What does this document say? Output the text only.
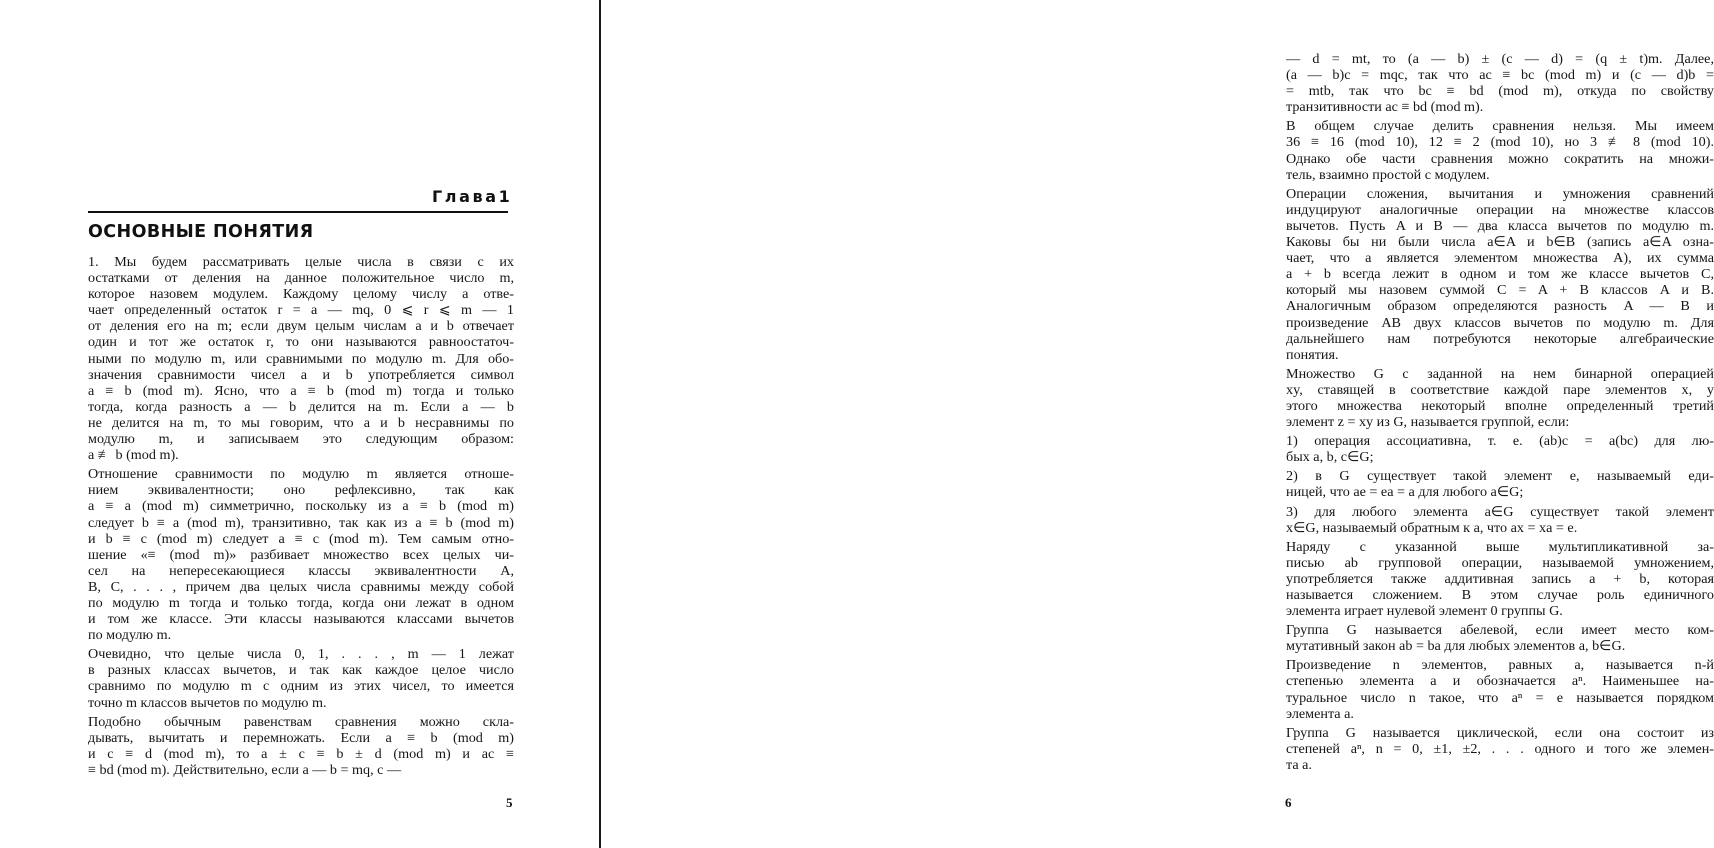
Глава1
ОСНОВНЫЕ ПОНЯТИЯ
1. Мы будем рассматривать целые числа в связи с их
остатками от деления на данное положительное число m,
которое назовем модулем. Каждому целому числу a отве-
чает определенный остаток r = a — mq, 0 ⩽ r ⩽ m — 1
от деления его на m; если двум целым числам a и b отвечает
один и тот же остаток r, то они называются равноостаточ-
ными по модулю m, или сравнимыми по модулю m. Для обо-
значения сравнимости чисел a и b употребляется символ
a ≡ b (mod m). Ясно, что a ≡ b (mod m) тогда и только
тогда, когда разность a — b делится на m. Если a — b
не делится на m, то мы говорим, что a и b несравнимы по
модулю m, и записываем это следующим образом:
a ≢ b (mod m).
Отношение сравнимости по модулю m является отноше-
нием эквивалентности; оно рефлексивно, так как
a ≡ a (mod m) симметрично, поскольку из a ≡ b (mod m)
следует b ≡ a (mod m), транзитивно, так как из a ≡ b (mod m)
и b ≡ c (mod m) следует a ≡ c (mod m). Тем самым отно-
шение «≡ (mod m)» разбивает множество всех целых чи-
сел на непересекающиеся классы эквивалентности A,
B, C, . . . , причем два целых числа сравнимы между собой
по модулю m тогда и только тогда, когда они лежат в одном
и том же классе. Эти классы называются классами вычетов
по модулю m.
Очевидно, что целые числа 0, 1, . . . , m — 1 лежат
в разных классах вычетов, и так как каждое целое число
сравнимо по модулю m с одним из этих чисел, то имеется
точно m классов вычетов по модулю m.
Подобно обычным равенствам сравнения можно скла-
дывать, вычитать и перемножать. Если a ≡ b (mod m)
и c ≡ d (mod m), то a ± c ≡ b ± d (mod m) и ac ≡
≡ bd (mod m). Действительно, если a — b = mq, c —
5
— d = mt, то (a — b) ± (c — d) = (q ± t)m. Далее,
(a — b)c = mqc, так что ac ≡ bc (mod m) и (c — d)b =
= mtb, так что bc ≡ bd (mod m), откуда по свойству
транзитивности ac ≡ bd (mod m).
В общем случае делить сравнения нельзя. Мы имеем
36 ≡ 16 (mod 10), 12 ≡ 2 (mod 10), но 3 ≢ 8 (mod 10).
Однако обе части сравнения можно сократить на множи-
тель, взаимно простой с модулем.
Операции сложения, вычитания и умножения сравнений
индуцируют аналогичные операции на множестве классов
вычетов. Пусть A и B — два класса вычетов по модулю m.
Каковы бы ни были числа a∈A и b∈B (запись a∈A озна-
чает, что a является элементом множества A), их сумма
a + b всегда лежит в одном и том же классе вычетов C,
который мы назовем суммой C = A + B классов A и B.
Аналогичным образом определяются разность A — B и
произведение AB двух классов вычетов по модулю m. Для
дальнейшего нам потребуются некоторые алгебраические
понятия.
Множество G с заданной на нем бинарной операцией
xy, ставящей в соответствие каждой паре элементов x, y
этого множества некоторый вполне определенный третий
элемент z = xy из G, называется группой, если:
1) операция ассоциативна, т. е. (ab)c = a(bc) для лю-
бых a, b, c∈G;
2) в G существует такой элемент e, называемый еди-
ницей, что ae = ea = a для любого a∈G;
3) для любого элемента a∈G существует такой элемент
x∈G, называемый обратным к a, что ax = xa = e.
Наряду с указанной выше мультипликативной за-
писью ab групповой операции, называемой умножением,
употребляется также аддитивная запись a + b, которая
называется сложением. В этом случае роль единичного
элемента играет нулевой элемент 0 группы G.
Группа G называется абелевой, если имеет место ком-
мутативный закон ab = ba для любых элементов a, b∈G.
Произведение n элементов, равных a, называется n-й
степенью элемента a и обозначается aⁿ. Наименьшее на-
туральное число n такое, что aⁿ = e называется порядком
элемента a.
Группа G называется циклической, если она состоит из
степеней aⁿ, n = 0, ±1, ±2, . . . одного и того же элемен-
та a.
6
